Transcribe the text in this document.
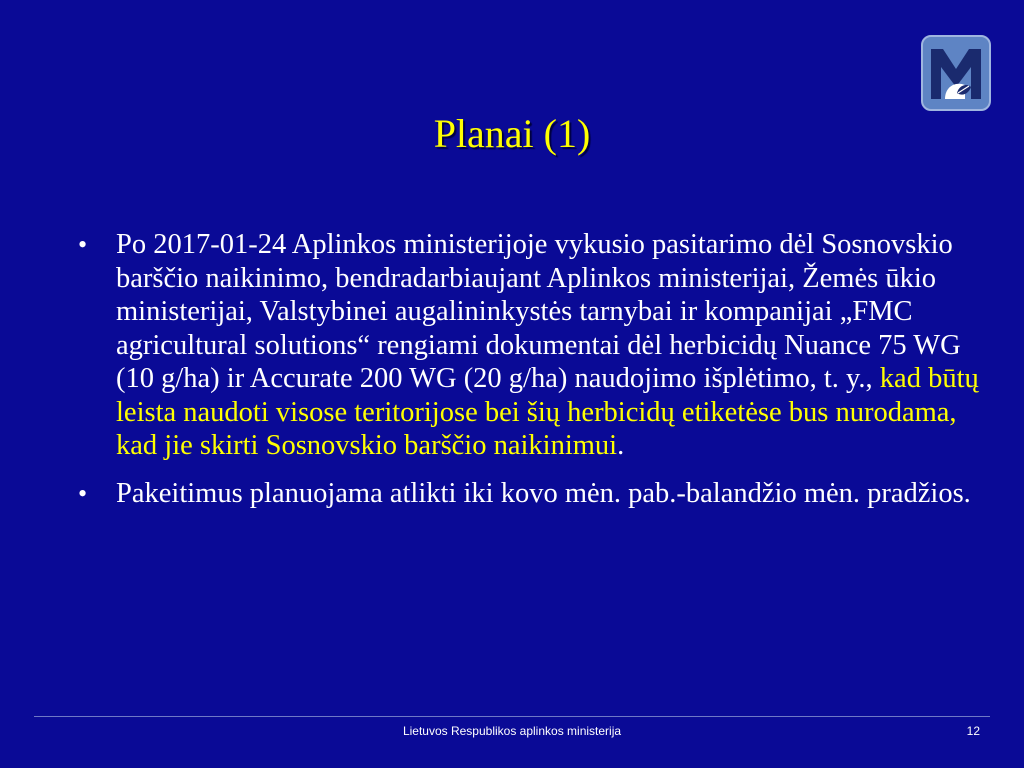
Planai (1)
• Po 2017-01-24 Aplinkos ministerijoje vykusio pasitarimo dėl Sosnovskio barščio naikinimo, bendradarbiaujant Aplinkos ministerijai, Žemės ūkio ministerijai, Valstybinei augalininkystės tarnybai ir kompanijai „FMC agricultural solutions“ rengiami dokumentai dėl herbicidų Nuance 75 WG (10 g/ha) ir Accurate 200 WG (20 g/ha) naudojimo išplėtimo, t. y., kad būtų leista naudoti visose teritorijose bei šių herbicidų etiketėse bus nurodama, kad jie skirti Sosnovskio barščio naikinimui.
• Pakeitimus planuojama atlikti iki kovo mėn. pab.-balandžio mėn. pradžios.
Lietuvos Respublikos aplinkos ministerija	12
